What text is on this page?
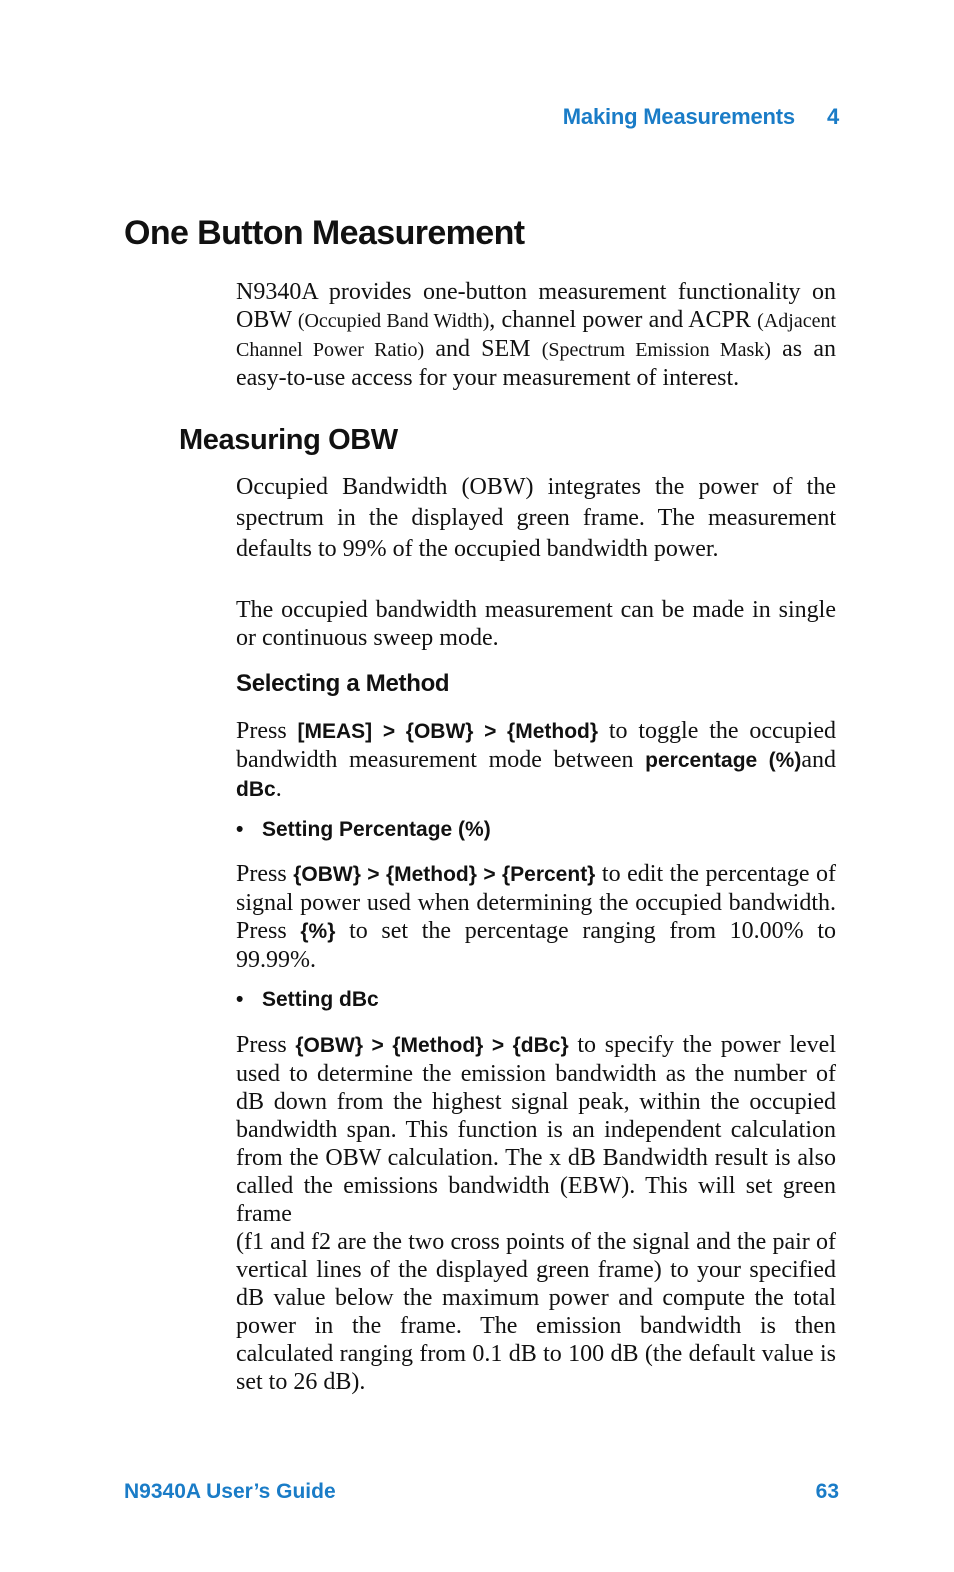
Making Measurements 4
One Button Measurement

N9340A provides one-button measurement functionality on OBW (Occupied Band Width), channel power and ACPR (Adjacent Channel Power Ratio) and SEM (Spectrum Emission Mask) as an easy-to-use access for your measurement of interest.

Measuring OBW

Occupied Bandwidth (OBW) integrates the power of the spectrum in the displayed green frame. The measurement defaults to 99% of the occupied bandwidth power.

The occupied bandwidth measurement can be made in single or continuous sweep mode.

Selecting a Method

Press [MEAS] > {OBW} > {Method} to toggle the occupied bandwidth measurement mode between percentage (%)and dBc.

• Setting Percentage (%)

Press {OBW} > {Method} > {Percent} to edit the percentage of signal power used when determining the occupied bandwidth. Press {%} to set the percentage ranging from 10.00% to 99.99%.

• Setting dBc

Press {OBW} > {Method} > {dBc} to specify the power level used to determine the emission bandwidth as the number of dB down from the highest signal peak, within the occupied bandwidth span. This function is an independent calculation from the OBW calculation. The x dB Bandwidth result is also called the emissions bandwidth (EBW). This will set green frame

(f1 and f2 are the two cross points of the signal and the pair of vertical lines of the displayed green frame) to your specified dB value below the maximum power and compute the total power in the frame. The emission bandwidth is then calculated ranging from 0.1 dB to 100 dB (the default value is set to 26 dB).

N9340A User’s Guide	63
